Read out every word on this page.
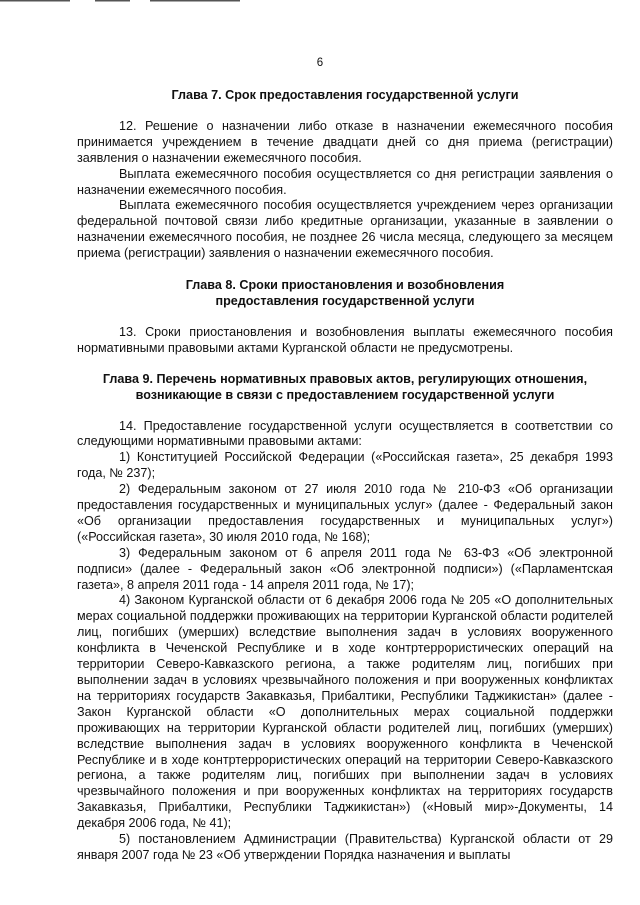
6
Глава 7. Срок предоставления государственной услуги

12. Решение о назначении либо отказе в назначении ежемесячного пособия принимается учреждением в течение двадцати дней со дня приема (регистрации) заявления о назначении ежемесячного пособия.

Выплата ежемесячного пособия осуществляется со дня регистрации заявления о назначении ежемесячного пособия.

Выплата ежемесячного пособия осуществляется учреждением через организации федеральной почтовой связи либо кредитные организации, указанные в заявлении о назначении ежемесячного пособия, не позднее 26 числа месяца, следующего за месяцем приема (регистрации) заявления о назначении ежемесячного пособия.

Глава 8. Сроки приостановления и возобновления
предоставления государственной услуги

13. Сроки приостановления и возобновления выплаты ежемесячного пособия нормативными правовыми актами Курганской области не предусмотрены.

Глава 9. Перечень нормативных правовых актов, регулирующих отношения,
возникающие в связи с предоставлением государственной услуги

14. Предоставление государственной услуги осуществляется в соответствии со следующими нормативными правовыми актами:

1) Конституцией Российской Федерации («Российская газета», 25 декабря 1993 года, № 237);

2) Федеральным законом от 27 июля 2010 года № 210-ФЗ «Об организации предоставления государственных и муниципальных услуг» (далее - Федеральный закон «Об организации предоставления государственных и муниципальных услуг») («Российская газета», 30 июля 2010 года, № 168);

3) Федеральным законом от 6 апреля 2011 года № 63-ФЗ «Об электронной подписи» (далее - Федеральный закон «Об электронной подписи») («Парламентская газета», 8 апреля 2011 года - 14 апреля 2011 года, № 17);

4) Законом Курганской области от 6 декабря 2006 года № 205 «О дополнительных мерах социальной поддержки проживающих на территории Курганской области родителей лиц, погибших (умерших) вследствие выполнения задач в условиях вооруженного конфликта в Чеченской Республике и в ходе контртеррористических операций на территории Северо-Кавказского региона, а также родителям лиц, погибших при выполнении задач в условиях чрезвычайного положения и при вооруженных конфликтах на территориях государств Закавказья, Прибалтики, Республики Таджикистан» (далее - Закон Курганской области «О дополнительных мерах социальной поддержки проживающих на территории Курганской области родителей лиц, погибших (умерших) вследствие выполнения задач в условиях вооруженного конфликта в Чеченской Республике и в ходе контртеррористических операций на территории Северо-Кавказского региона, а также родителям лиц, погибших при выполнении задач в условиях чрезвычайного положения и при вооруженных конфликтах на территориях государств Закавказья, Прибалтики, Республики Таджикистан») («Новый мир»-Документы, 14 декабря 2006 года, № 41);

5) постановлением Администрации (Правительства) Курганской области от 29 января 2007 года № 23 «Об утверждении Порядка назначения и выплаты
